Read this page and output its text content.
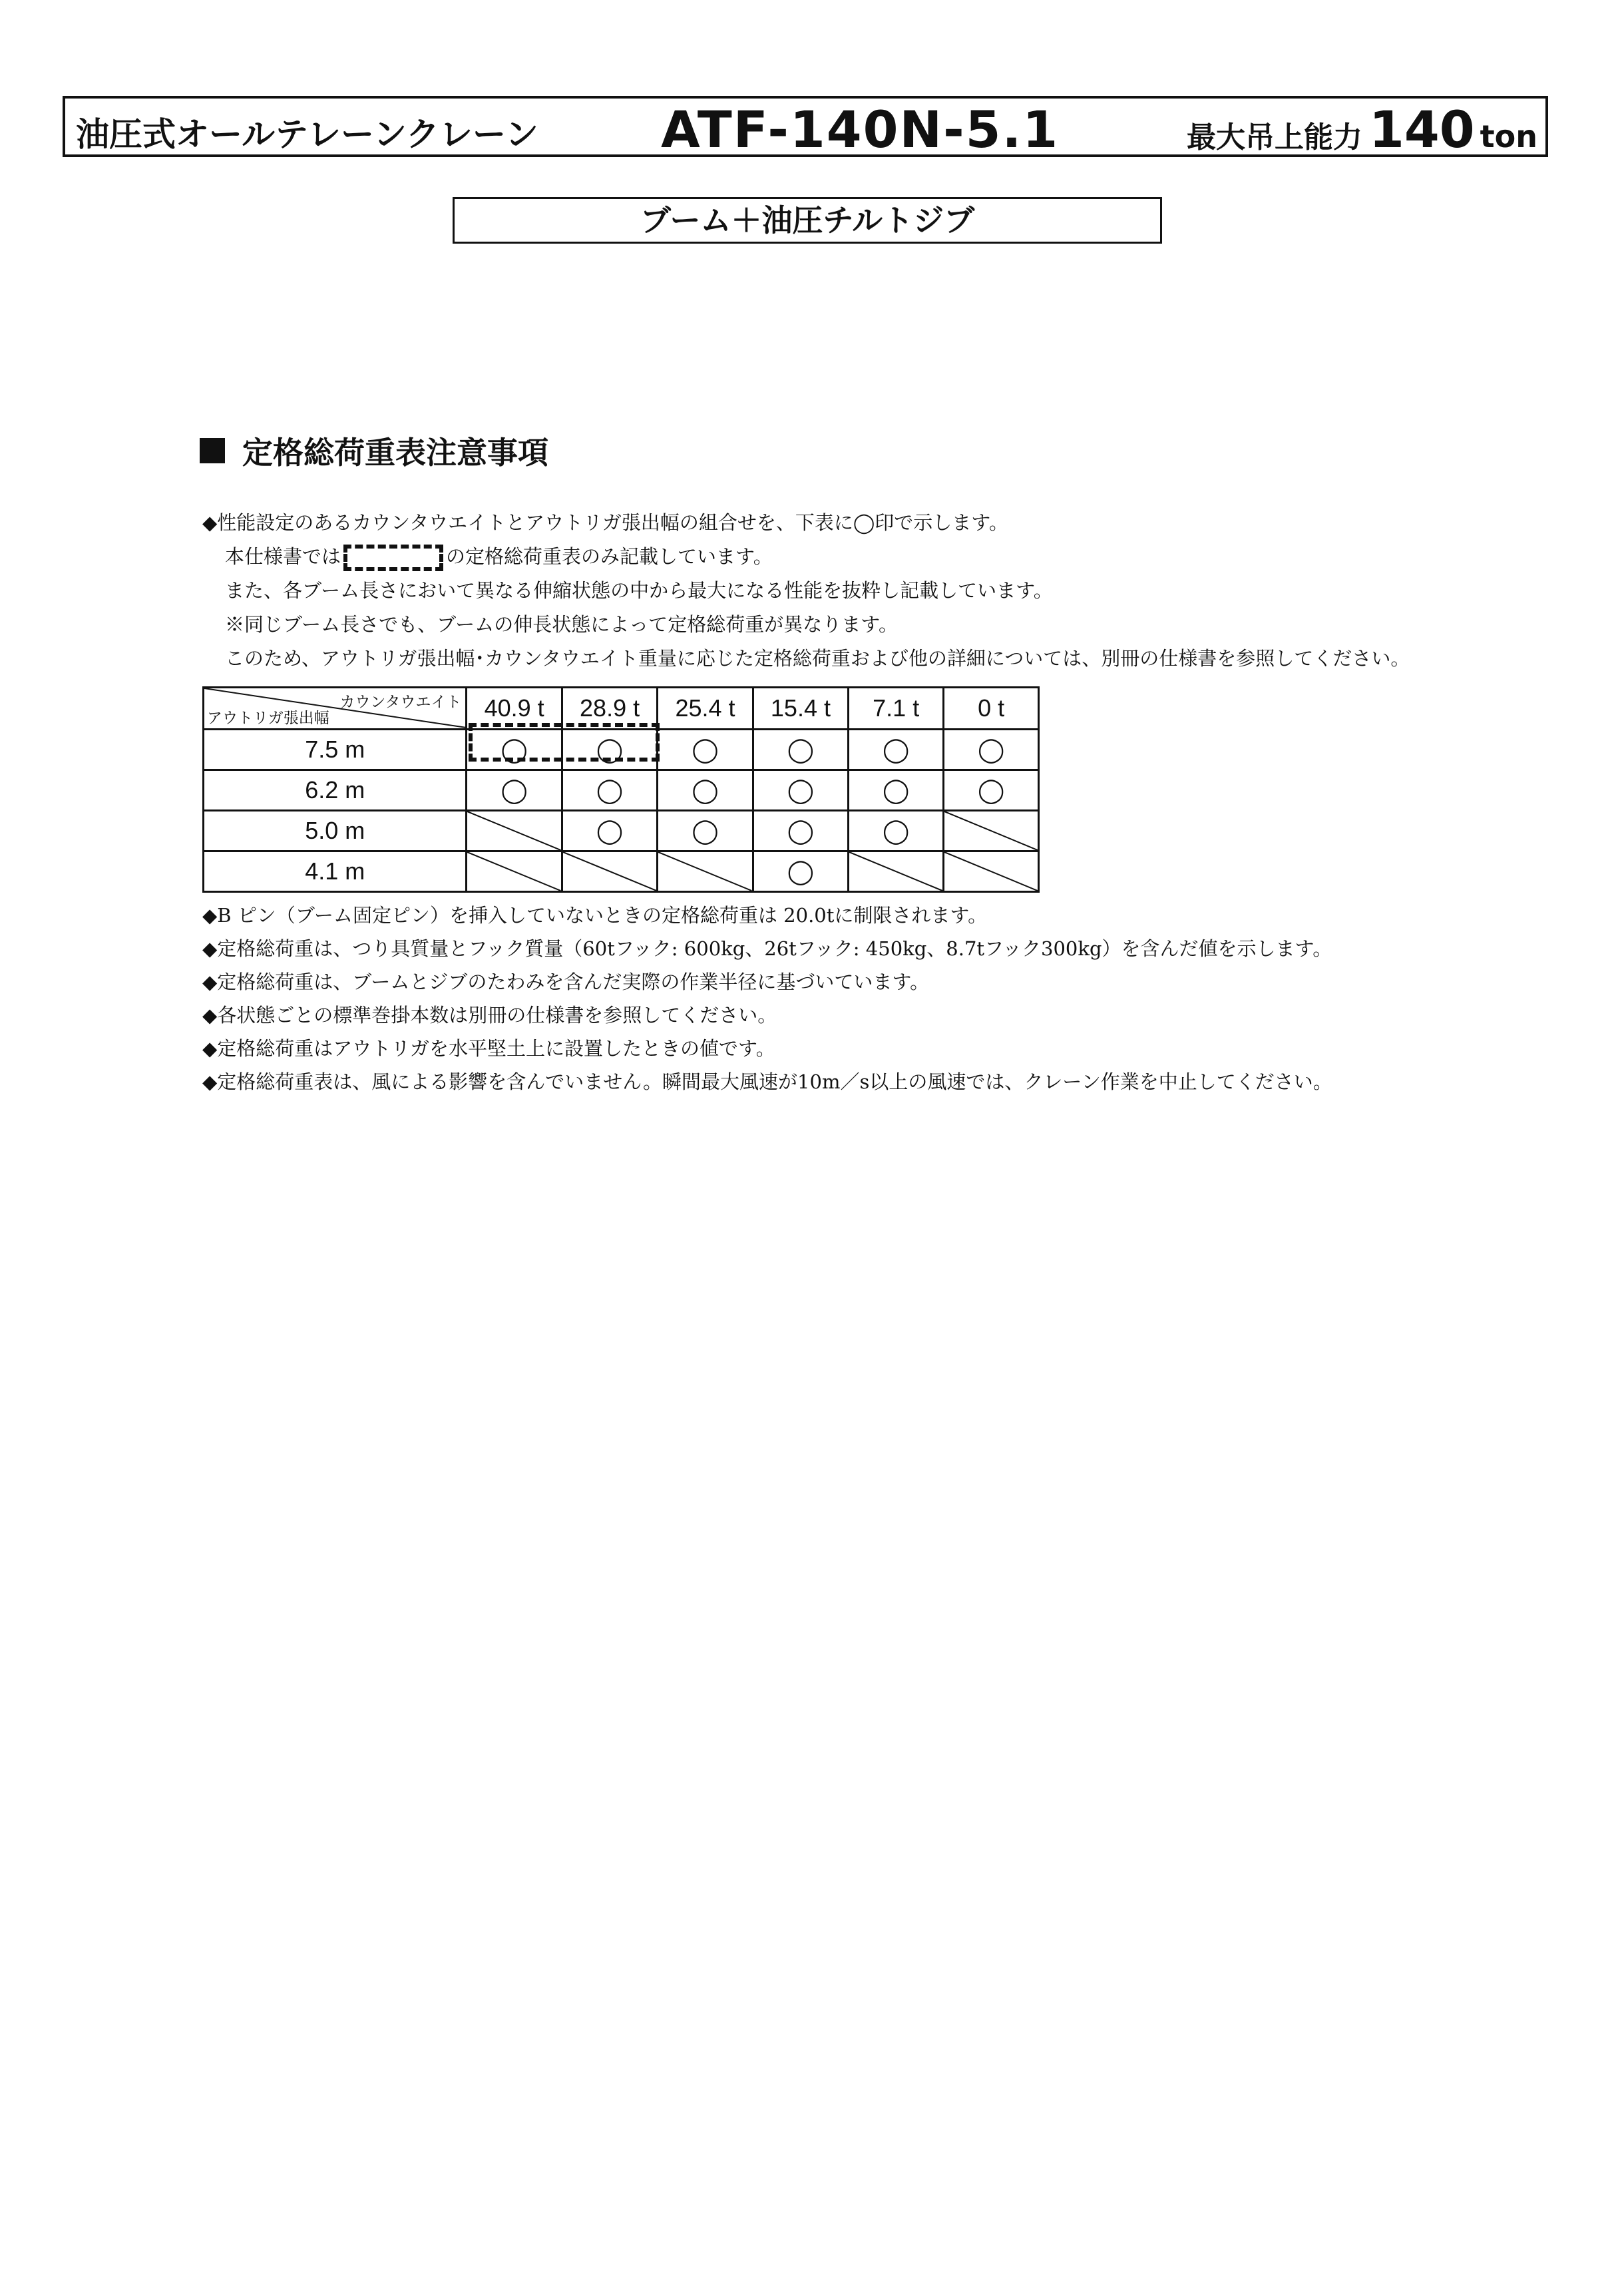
油圧式オールテレーンクレーン ATF-140N-5.1	最大吊上能力 140 ton
ブーム＋油圧チルトジブ
定格総荷重表注意事項
◆性能設定のあるカウンタウエイトとアウトリガ張出幅の組合せを、下表に◯印で示します。
本仕様書では	の定格総荷重表のみ記載しています。
また、各ブーム長さにおいて異なる伸縮状態の中から最大になる性能を抜粋し記載しています。
※同じブーム長さでも、ブームの伸長状態によって定格総荷重が異なります。
このため、アウトリガ張出幅･カウンタウエイト重量に応じた定格総荷重および他の詳細については、別冊の仕様書を参照してください。
カウンタウエイト
アウトリガ張出幅	40.9 t	28.9 t	25.4 t	15.4 t	7.1 t	0 t
7.5 m	◯	◯	◯	◯	◯	◯
6.2 m	◯	◯	◯	◯	◯	◯
5.0 m		◯	◯	◯	◯	

4.1 m				◯	

◆B ピン（ブーム固定ピン）を挿入していないときの定格総荷重は 20.0tに制限されます。
◆定格総荷重は、つり具質量とフック質量（60tフック: 600kg、26tフック: 450kg、8.7tフック300kg）を含んだ値を示します。
◆定格総荷重は、ブームとジブのたわみを含んだ実際の作業半径に基づいています。
◆各状態ごとの標準巻掛本数は別冊の仕様書を参照してください。
◆定格総荷重はアウトリガを水平堅土上に設置したときの値です。
◆定格総荷重表は、風による影響を含んでいません。瞬間最大風速が10m／s以上の風速では、クレーン作業を中止してください。
